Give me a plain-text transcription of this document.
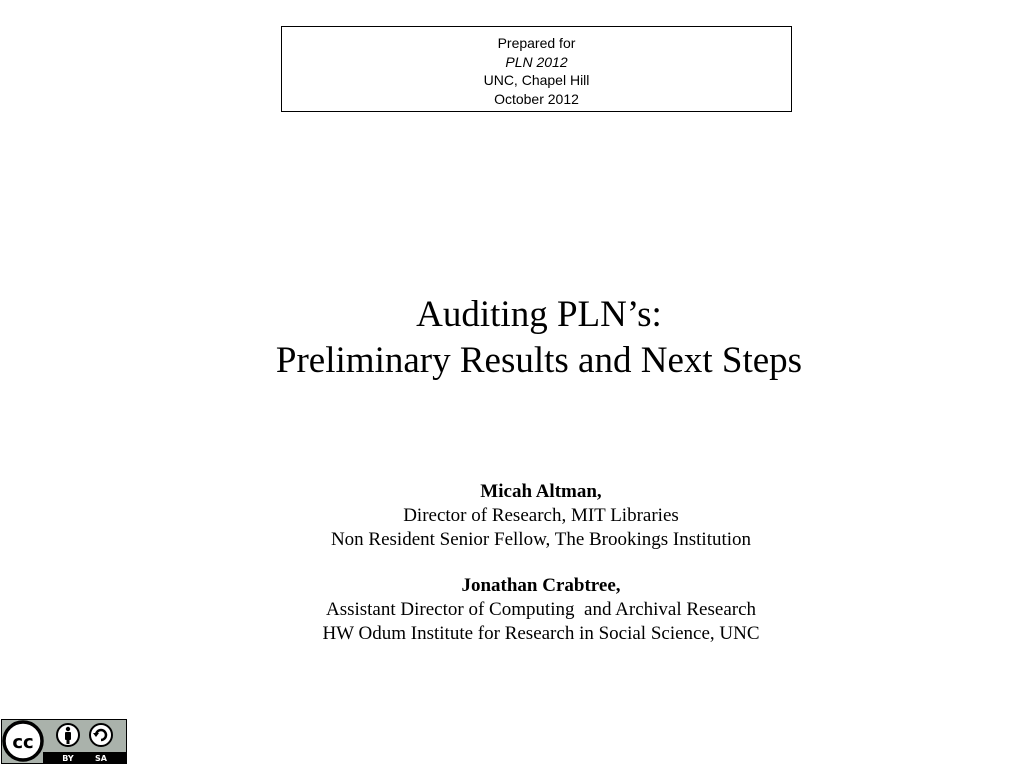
Prepared for
PLN 2012
UNC, Chapel Hill
October 2012
Auditing PLN’s:
Preliminary Results and Next Steps
Micah Altman,
Director of Research, MIT Libraries
Non Resident Senior Fellow, The Brookings Institution
Jonathan Crabtree,
Assistant Director of Computing  and Archival Research
HW Odum Institute for Research in Social Science, UNC
cc
BY	SA
